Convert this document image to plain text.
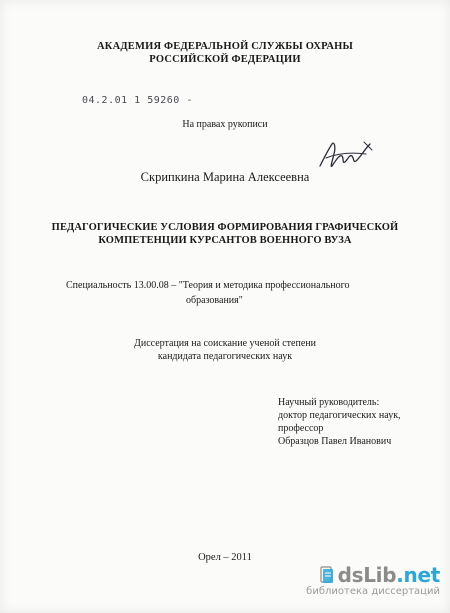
АКАДЕМИЯ ФЕДЕРАЛЬНОЙ СЛУЖБЫ ОХРАНЫ
РОССИЙСКОЙ ФЕДЕРАЦИИ
04.2.01 1 59260 -
На правах рукописи
Скрипкина Марина Алексеевна
ПЕДАГОГИЧЕСКИЕ УСЛОВИЯ ФОРМИРОВАНИЯ ГРАФИЧЕСКОЙ
КОМПЕТЕНЦИИ КУРСАНТОВ ВОЕННОГО ВУЗА
Специальность 13.00.08 – "Теория и методика профессионального
образования"
Диссертация на соискание ученой степени
кандидата педагогических наук
Научный руководитель:
доктор педагогических наук,
профессор
Образцов Павел Иванович
Орел – 2011
dsLib.net
библиотека диссертаций
